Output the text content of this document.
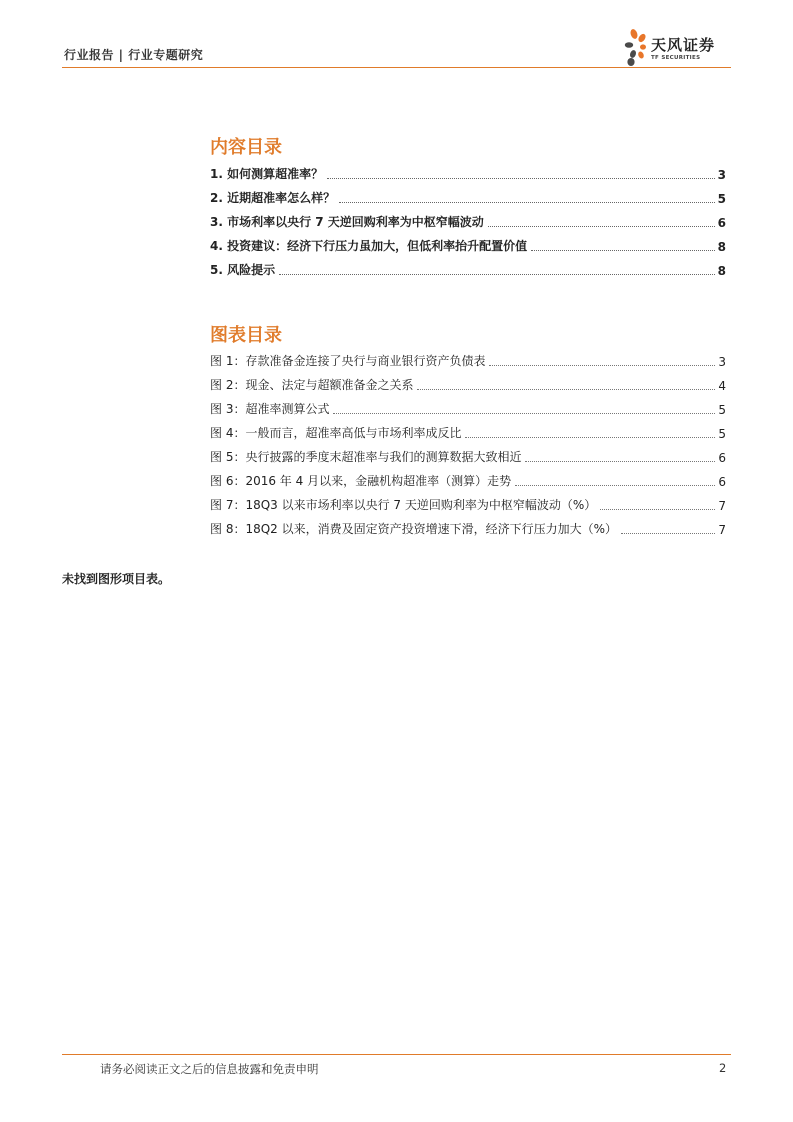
行业报告 | 行业专题研究
天风证券
TF SECURITIES
内容目录
1. 如何测算超准率？	3
2. 近期超准率怎么样？	5
3. 市场利率以央行 7 天逆回购利率为中枢窄幅波动	6
4. 投资建议：经济下行压力虽加大，但低利率抬升配置价值	8
5. 风险提示	8
图表目录
图 1：存款准备金连接了央行与商业银行资产负债表	3
图 2：现金、法定与超额准备金之关系	4
图 3：超准率测算公式	5
图 4：一般而言，超准率高低与市场利率成反比	5
图 5：央行披露的季度末超准率与我们的测算数据大致相近	6
图 6：2016 年 4 月以来，金融机构超准率（测算）走势	6
图 7：18Q3 以来市场利率以央行 7 天逆回购利率为中枢窄幅波动（%）	7
图 8：18Q2 以来，消费及固定资产投资增速下滑，经济下行压力加大（%）	7
未找到图形项目表。
请务必阅读正文之后的信息披露和免责申明	2
